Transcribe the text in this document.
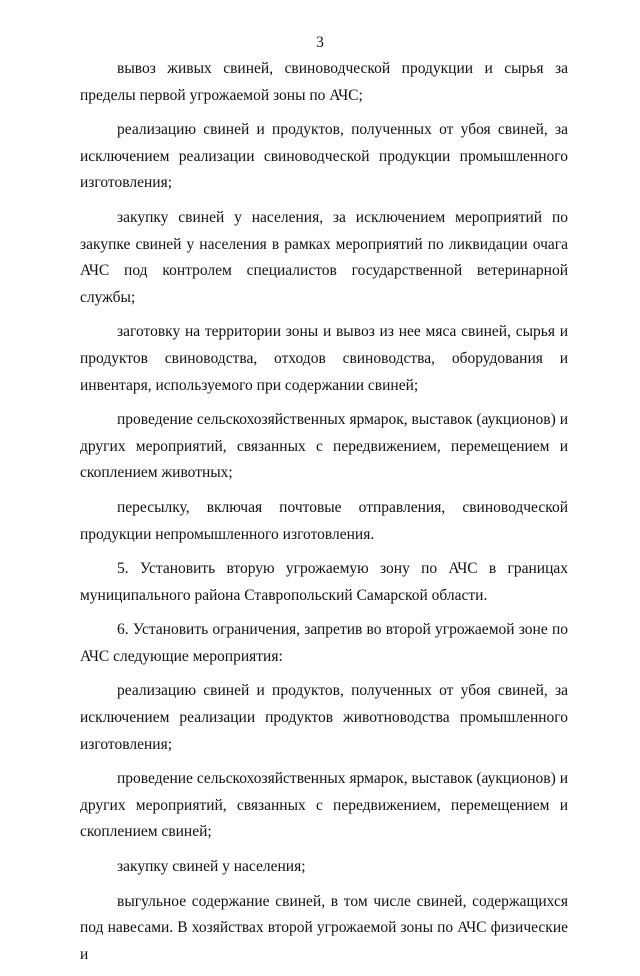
3

вывоз живых свиней, свиноводческой продукции и сырья за пределы первой угрожаемой зоны по АЧС;

реализацию свиней и продуктов, полученных от убоя свиней, за исключением реализации свиноводческой продукции промышленного изготовления;

закупку свиней у населения, за исключением мероприятий по закупке свиней у населения в рамках мероприятий по ликвидации очага АЧС под контролем специалистов государственной ветеринарной службы;

заготовку на территории зоны и вывоз из нее мяса свиней, сырья и продуктов свиноводства, отходов свиноводства, оборудования и инвентаря, используемого при содержании свиней;

проведение сельскохозяйственных ярмарок, выставок (аукционов) и других мероприятий, связанных с передвижением, перемещением и скоплением животных;

пересылку, включая почтовые отправления, свиноводческой продукции непромышленного изготовления.

5. Установить вторую угрожаемую зону по АЧС в границах муниципального района Ставропольский Самарской области.

6. Установить ограничения, запретив во второй угрожаемой зоне по АЧС следующие мероприятия:

реализацию свиней и продуктов, полученных от убоя свиней, за исключением реализации продуктов животноводства промышленного изготовления;

проведение сельскохозяйственных ярмарок, выставок (аукционов) и других мероприятий, связанных с передвижением, перемещением и скоплением свиней;

закупку свиней у населения;

выгульное содержание свиней, в том числе свиней, содержащихся под навесами. В хозяйствах второй угрожаемой зоны по АЧС физические и
